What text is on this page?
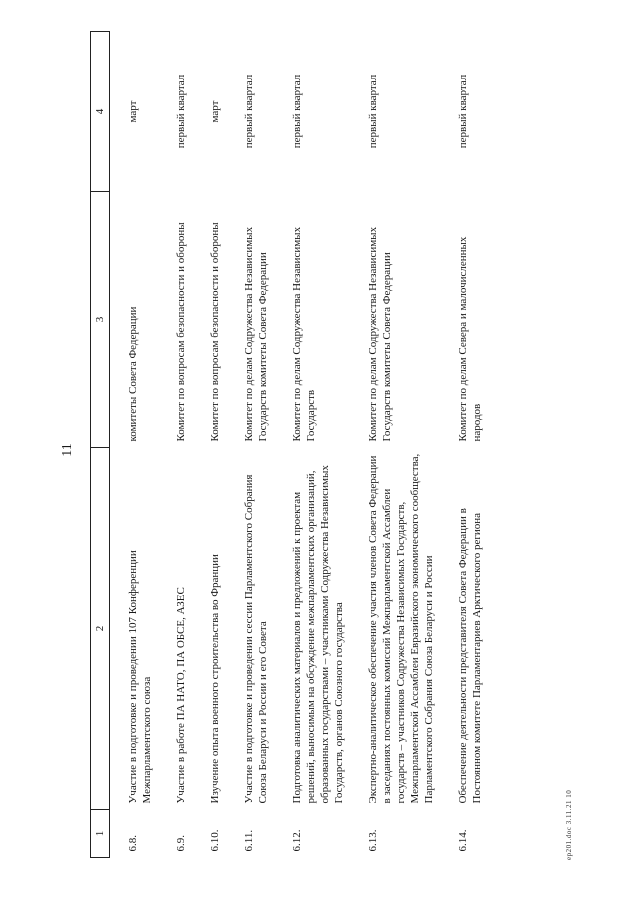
11
1	2	3	4
6.8.	Участие в подготовке и проведении 107 Конференции Межпарламентского союза	комитеты Совета Федерации	март
6.9.	Участие в работе ПА НАТО, ПА ОБСЕ, АЗЕС	Комитет по вопросам безопасности и обороны	первый квартал
6.10.	Изучение опыта военного строительства во Франции	Комитет по вопросам безопасности и обороны	март
6.11.	Участие в подготовке и проведении сессии Парламентского Собрания Союза Беларуси и России и его Совета	Комитет по делам Содружества Независимых Государств комитеты Совета Федерации	первый квартал
6.12.	Подготовка аналитических материалов и предложений к проектам решений, выносимым на обсуждение межпарламентских организаций, образованных государствами – участниками Содружества Независимых Государств, органов Союзного государства	Комитет по делам Содружества Независимых Государств	первый квартал
6.13.	Экспертно-аналитическое обеспечение участия членов Совета Федерации в заседаниях постоянных комиссий Межпарламентской Ассамблеи государств – участников Содружества Независимых Государств, Межпарламентской Ассамблеи Евразийского экономического сообщества, Парламентского Собрания Союза Беларуси и России	Комитет по делам Содружества Независимых Государств комитеты Совета Федерации	первый квартал
6.14.	Обеспечение деятельности представителя Совета Федерации в Постоянном комитете Парламентариев Арктического региона	Комитет по делам Севера и малочисленных народов	первый квартал
ep201.doc 3.11.21 10
